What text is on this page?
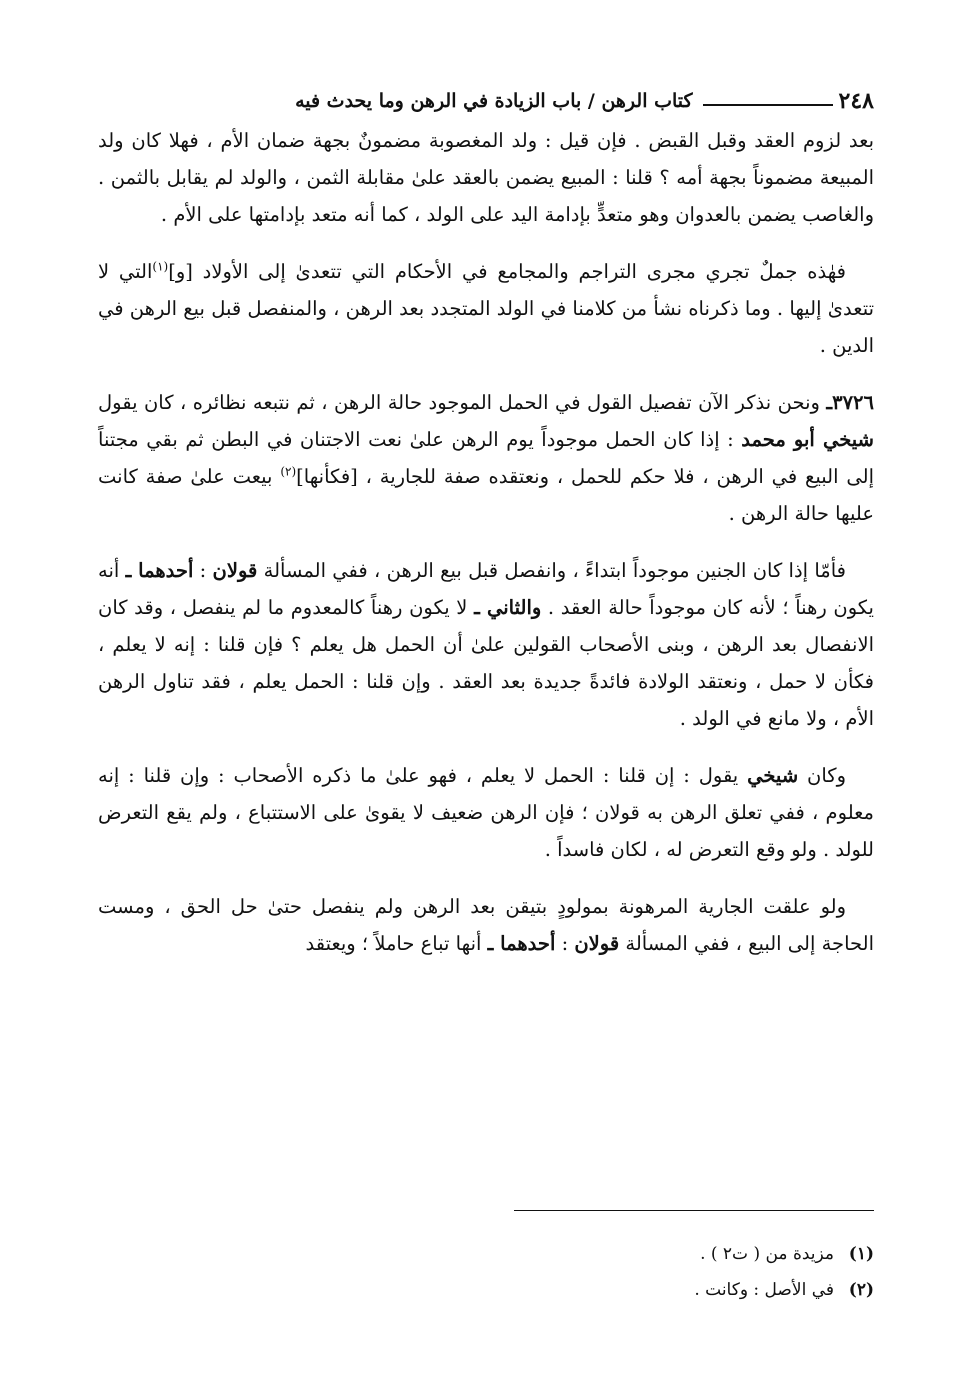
٢٤٨
كتاب الرهن / باب الزيادة في الرهن وما يحدث فيه

بعد لزوم العقد وقبل القبض . فإن قيل : ولد المغصوبة مضمونٌ بجهة ضمان الأم ، فهلا كان ولد المبيعة مضموناً بجهة أمه ؟ قلنا : المبيع يضمن بالعقد علىٰ مقابلة الثمن ، والولد لم يقابل بالثمن . والغاصب يضمن بالعدوان وهو متعدٍّ بإدامة اليد على الولد ، كما أنه متعد بإدامتها على الأم .

فهٰذه جملٌ تجري مجرى التراجم والمجامع في الأحكام التي تتعدىٰ إلى الأولاد [و]$^{(١)}$التي لا تتعدىٰ إليها . وما ذكرناه نشأ من كلامنا في الولد المتجدد بعد الرهن ، والمنفصل قبل بيع الرهن في الدين .

٣٧٢٦ـ ونحن نذكر الآن تفصيل القول في الحمل الموجود حالة الرهن ، ثم نتبعه نظائره ، كان يقول شيخي أبو محمد : إذا كان الحمل موجوداً يوم الرهن علىٰ نعت الاجتنان في البطن ثم بقي مجتناً إلى البيع في الرهن ، فلا حكم للحمل ، ونعتقده صفة للجارية ، [فكأنها]$^{(٢)}$ بيعت علىٰ صفة كانت عليها حالة الرهن .

فأمّا إذا كان الجنين موجوداً ابتداءً ، وانفصل قبل بيع الرهن ، ففي المسألة قولان : أحدهما ـ أنه يكون رهناً ؛ لأنه كان موجوداً حالة العقد . والثاني ـ لا يكون رهناً كالمعدوم ما لم ينفصل ، وقد كان الانفصال بعد الرهن ، وبنى الأصحاب القولين علىٰ أن الحمل هل يعلم ؟ فإن قلنا : إنه لا يعلم ، فكأن لا حمل ، ونعتقد الولادة فائدةً جديدة بعد العقد . وإن قلنا : الحمل يعلم ، فقد تناول الرهن الأم ، ولا مانع في الولد .

وكان شيخي يقول : إن قلنا : الحمل لا يعلم ، فهو علىٰ ما ذكره الأصحاب : وإن قلنا : إنه معلوم ، ففي تعلق الرهن به قولان ؛ فإن الرهن ضعيف لا يقوىٰ على الاستتباع ، ولم يقع التعرض للولد . ولو وقع التعرض له ، لكان فاسداً .

ولو علقت الجارية المرهونة بمولودٍ بتيقن بعد الرهن ولم ينفصل حتىٰ حل الحق ، ومست الحاجة إلى البيع ، ففي المسألة قولان : أحدهما ـ أنها تباع حاملاً ؛ ويعتقد

(١)مزيدة من ( ت٢ ) .
(٢)في الأصل : وكانت .
